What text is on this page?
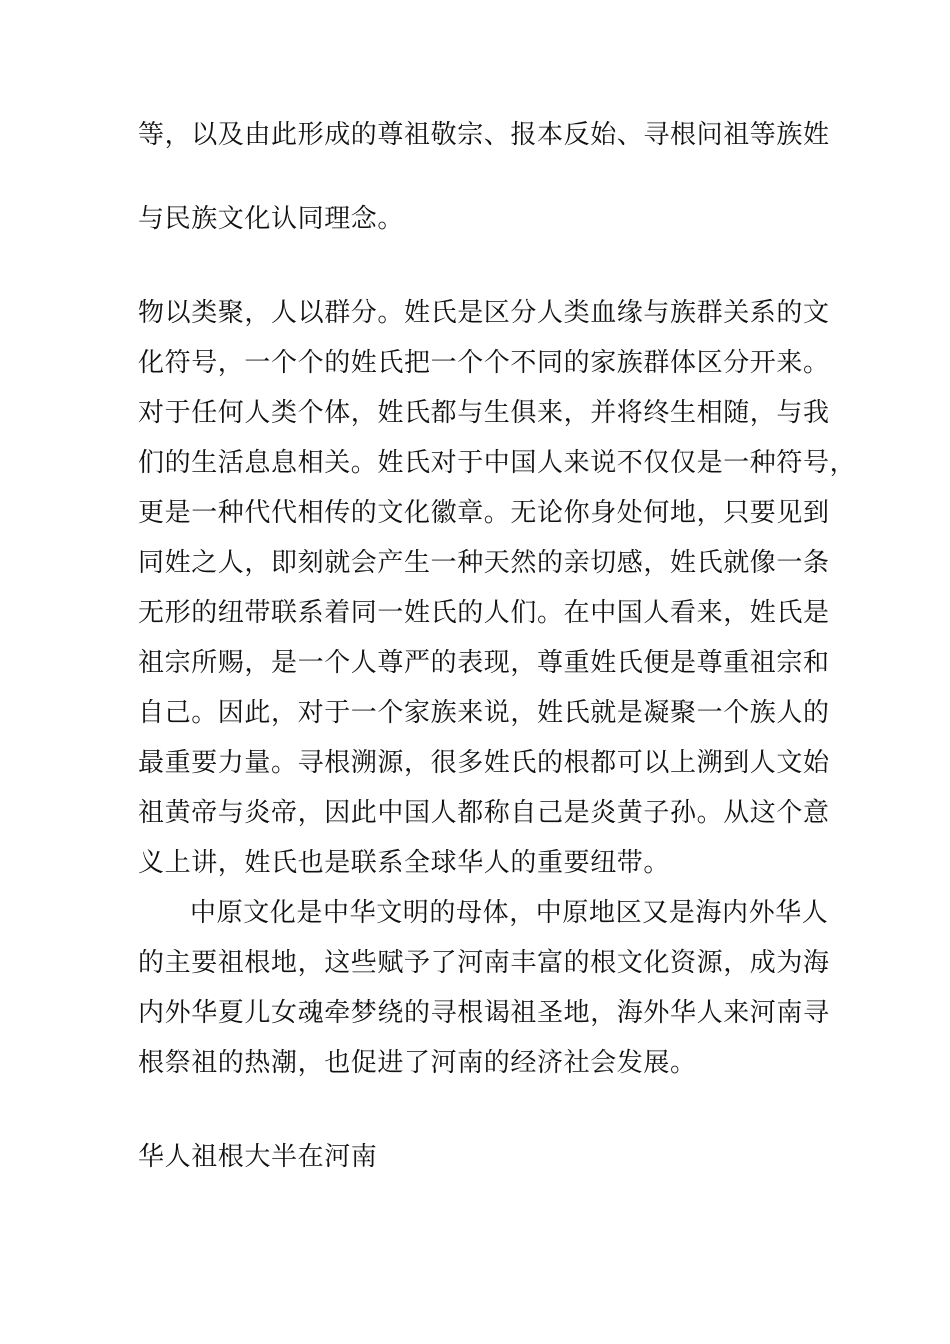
等，以及由此形成的尊祖敬宗、报本反始、寻根问祖等族姓
与民族文化认同理念。
物以类聚，人以群分。姓氏是区分人类血缘与族群关系的文
化符号，一个个的姓氏把一个个不同的家族群体区分开来。
对于任何人类个体，姓氏都与生俱来，并将终生相随，与我
们的生活息息相关。姓氏对于中国人来说不仅仅是一种符号，
更是一种代代相传的文化徽章。无论你身处何地，只要见到
同姓之人，即刻就会产生一种天然的亲切感，姓氏就像一条
无形的纽带联系着同一姓氏的人们。在中国人看来，姓氏是
祖宗所赐，是一个人尊严的表现，尊重姓氏便是尊重祖宗和
自己。因此，对于一个家族来说，姓氏就是凝聚一个族人的
最重要力量。寻根溯源，很多姓氏的根都可以上溯到人文始
祖黄帝与炎帝，因此中国人都称自己是炎黄子孙。从这个意
义上讲，姓氏也是联系全球华人的重要纽带。
中原文化是中华文明的母体，中原地区又是海内外华人
的主要祖根地，这些赋予了河南丰富的根文化资源，成为海
内外华夏儿女魂牵梦绕的寻根谒祖圣地，海外华人来河南寻
根祭祖的热潮，也促进了河南的经济社会发展。
华人祖根大半在河南
